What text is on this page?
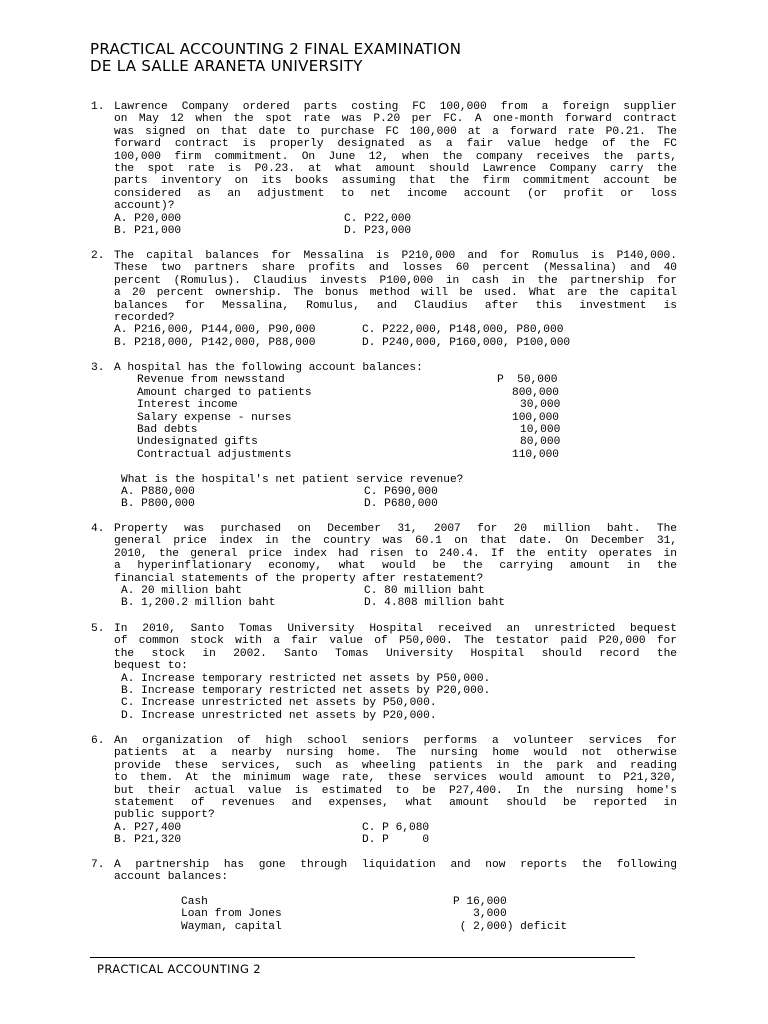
PRACTICAL ACCOUNTING 2 FINAL EXAMINATION
DE LA SALLE ARANETA UNIVERSITY
1. Lawrence Company ordered parts costing FC 100,000 from a foreign supplier
on May 12 when the spot rate was P.20 per FC. A one-month forward contract
was signed on that date to purchase FC 100,000 at a forward rate P0.21. The
forward contract is properly designated as a fair value hedge of the FC
100,000 firm commitment. On June 12, when the company receives the parts,
the spot rate is P0.23. at what amount should Lawrence Company carry the
parts inventory on its books assuming that the firm commitment account be
considered as an adjustment to net income account (or profit or loss
account)?
A. P20,000	C. P22,000
B. P21,000	D. P23,000
2. The capital balances for Messalina is P210,000 and for Romulus is P140,000.
These two partners share profits and losses 60 percent (Messalina) and 40
percent (Romulus). Claudius invests P100,000 in cash in the partnership for
a 20 percent ownership. The bonus method will be used. What are the capital
balances for Messalina, Romulus, and Claudius after this investment is
recorded?
A. P216,000, P144,000, P90,000	C. P222,000, P148,000, P80,000
B. P218,000, P142,000, P88,000	D. P240,000, P160,000, P100,000
3. A hospital has the following account balances:
Revenue from newsstand	P  50,000
Amount charged to patients	800,000
Interest income	30,000
Salary expense - nurses	100,000
Bad debts	10,000
Undesignated gifts	80,000
Contractual adjustments	110,000
What is the hospital's net patient service revenue?
A. P880,000	C. P690,000
B. P800,000	D. P680,000
4. Property was purchased on December 31, 2007 for 20 million baht. The
general price index in the country was 60.1 on that date. On December 31,
2010, the general price index had risen to 240.4. If the entity operates in
a hyperinflationary economy, what would be the carrying amount in the
financial statements of the property after restatement?
A. 20 million baht	C. 80 million baht
B. 1,200.2 million baht	D. 4.808 million baht
5. In 2010, Santo Tomas University Hospital received an unrestricted bequest
of common stock with a fair value of P50,000. The testator paid P20,000 for
the stock in 2002. Santo Tomas University Hospital should record the
bequest to:
A. Increase temporary restricted net assets by P50,000.
B. Increase temporary restricted net assets by P20,000.
C. Increase unrestricted net assets by P50,000.
D. Increase unrestricted net assets by P20,000.
6. An organization of high school seniors performs a volunteer services for
patients at a nearby nursing home. The nursing home would not otherwise
provide these services, such as wheeling patients in the park and reading
to them. At the minimum wage rate, these services would amount to P21,320,
but their actual value is estimated to be P27,400. In the nursing home's
statement of revenues and expenses, what amount should be reported in
public support?
A. P27,400	C. P 6,080
B. P21,320	D. P     0
7. A partnership has gone through liquidation and now reports the following
account balances:
Cash	P 16,000
Loan from Jones	3,000
Wayman, capital	( 2,000) deficit
PRACTICAL ACCOUNTING 2
